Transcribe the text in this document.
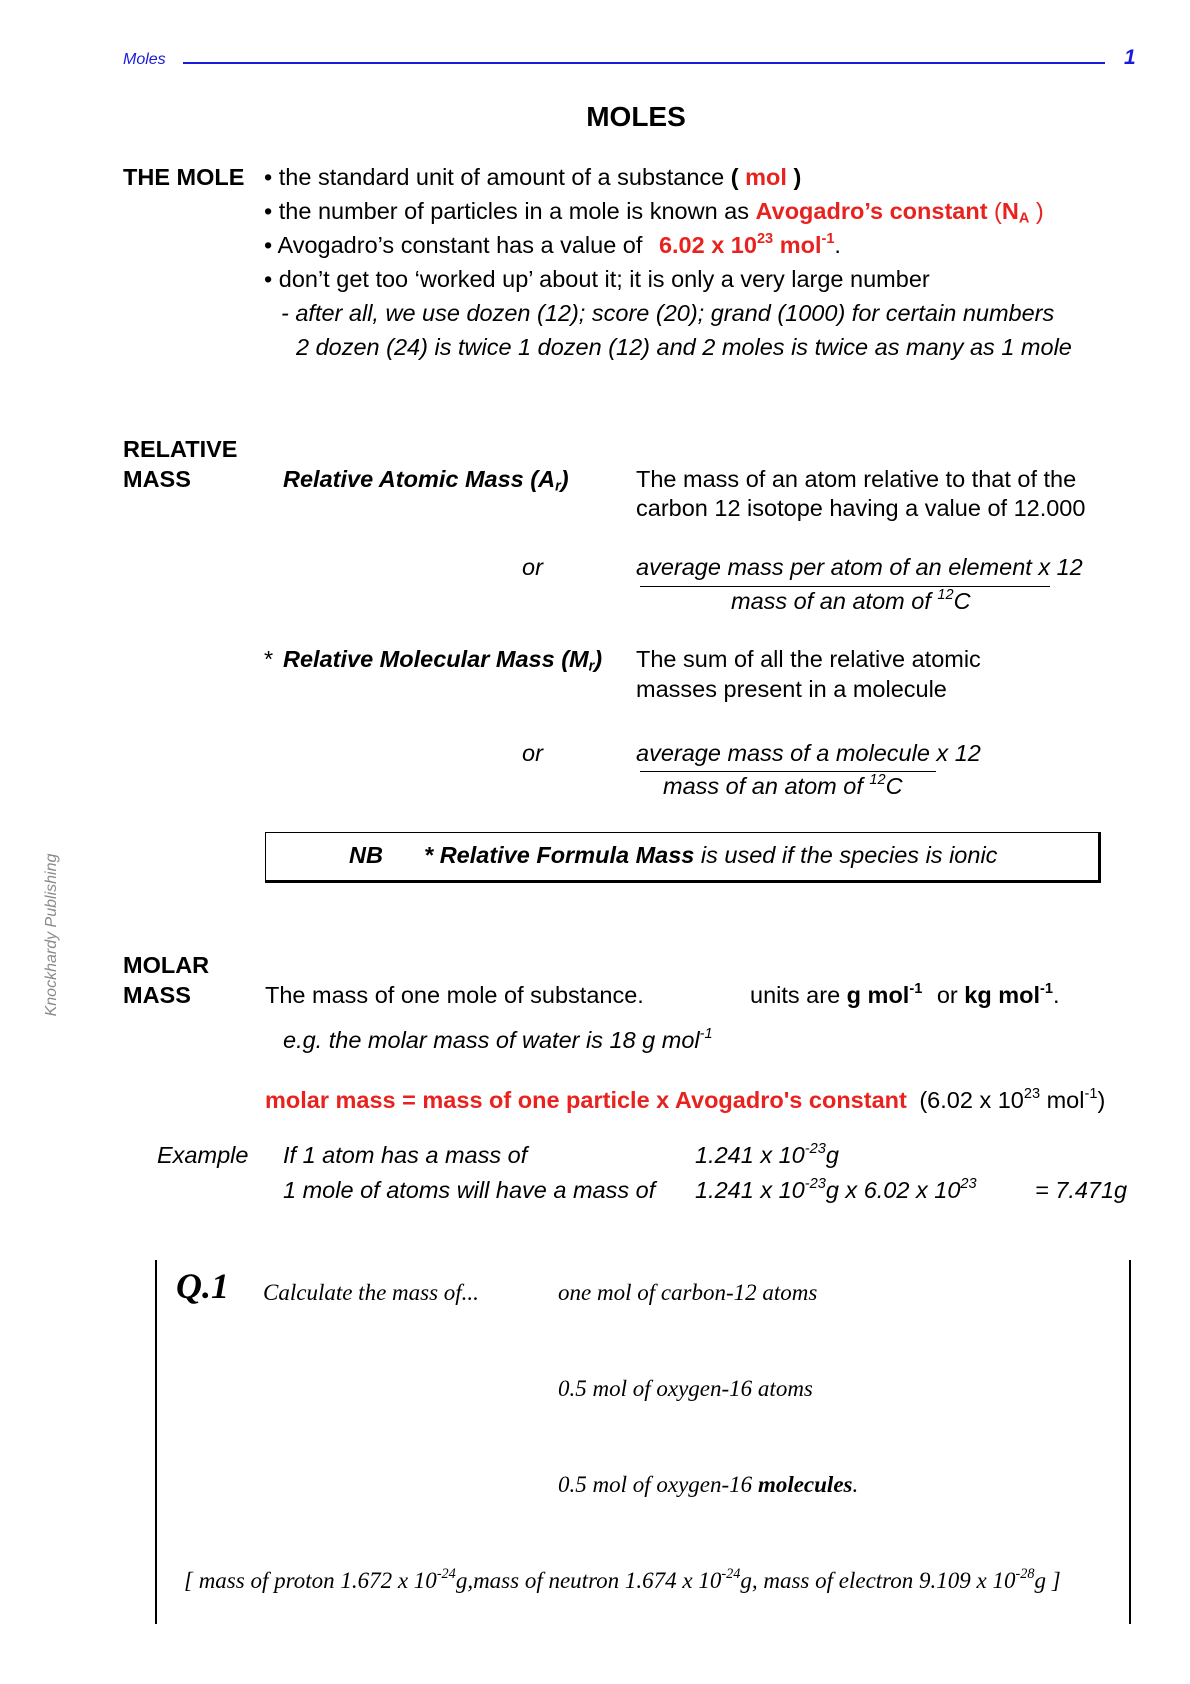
Moles	1
MOLES
Knockhardy Publishing
THE MOLE • the standard unit of amount of a substance ( mol )
• the number of particles in a mole is known as Avogadro’s constant ($N_A$ )
• Avogadro’s constant has a value of 6.02 x $10^{23}$ mol$^{-1}$.
• don’t get too ‘worked up’ about it; it is only a very large number
- after all, we use dozen (12); score (20); grand (1000) for certain numbers
2 dozen (24) is twice 1 dozen (12) and 2 moles is twice as many as 1 mole
RELATIVE
MASS	Relative Atomic Mass $(A_r)$	The mass of an atom relative to that of the
carbon 12 isotope having a value of 12.000
or	average mass per atom of an element x 12
mass of an atom of $^{12}$C
* Relative Molecular Mass $(M_r)$ The sum of all the relative atomic
masses present in a molecule
or	average mass of a molecule x 12
mass of an atom of $^{12}$C
NB * Relative Formula Mass is used if the species is ionic
MOLAR
MASS	The mass of one mole of substance.	units are g mol$^{-1}$ or kg mol$^{-1}$.
e.g. the molar mass of water is 18 g mol$^{-1}$
molar mass = mass of one particle x Avogadro's constant (6.02 x $10^{23}$ mol$^{-1}$)
Example If 1 atom has a mass of	1.241 x $10^{-23}g$
1 mole of atoms will have a mass of 1.241 x $10^{-23}g$ x 6.02 x $10^{23} = 7.471g$
Q.1 Calculate the mass of...	one mol of carbon-12 atoms
0.5 mol of oxygen-16 atoms
0.5 mol of oxygen-16 molecules.
[ mass of proton 1.672 x $10^{-24}g,mass$ of neutron 1.674 x $10^{-24}g$, mass of electron 9.109 x $10^{-28}g$ ]
